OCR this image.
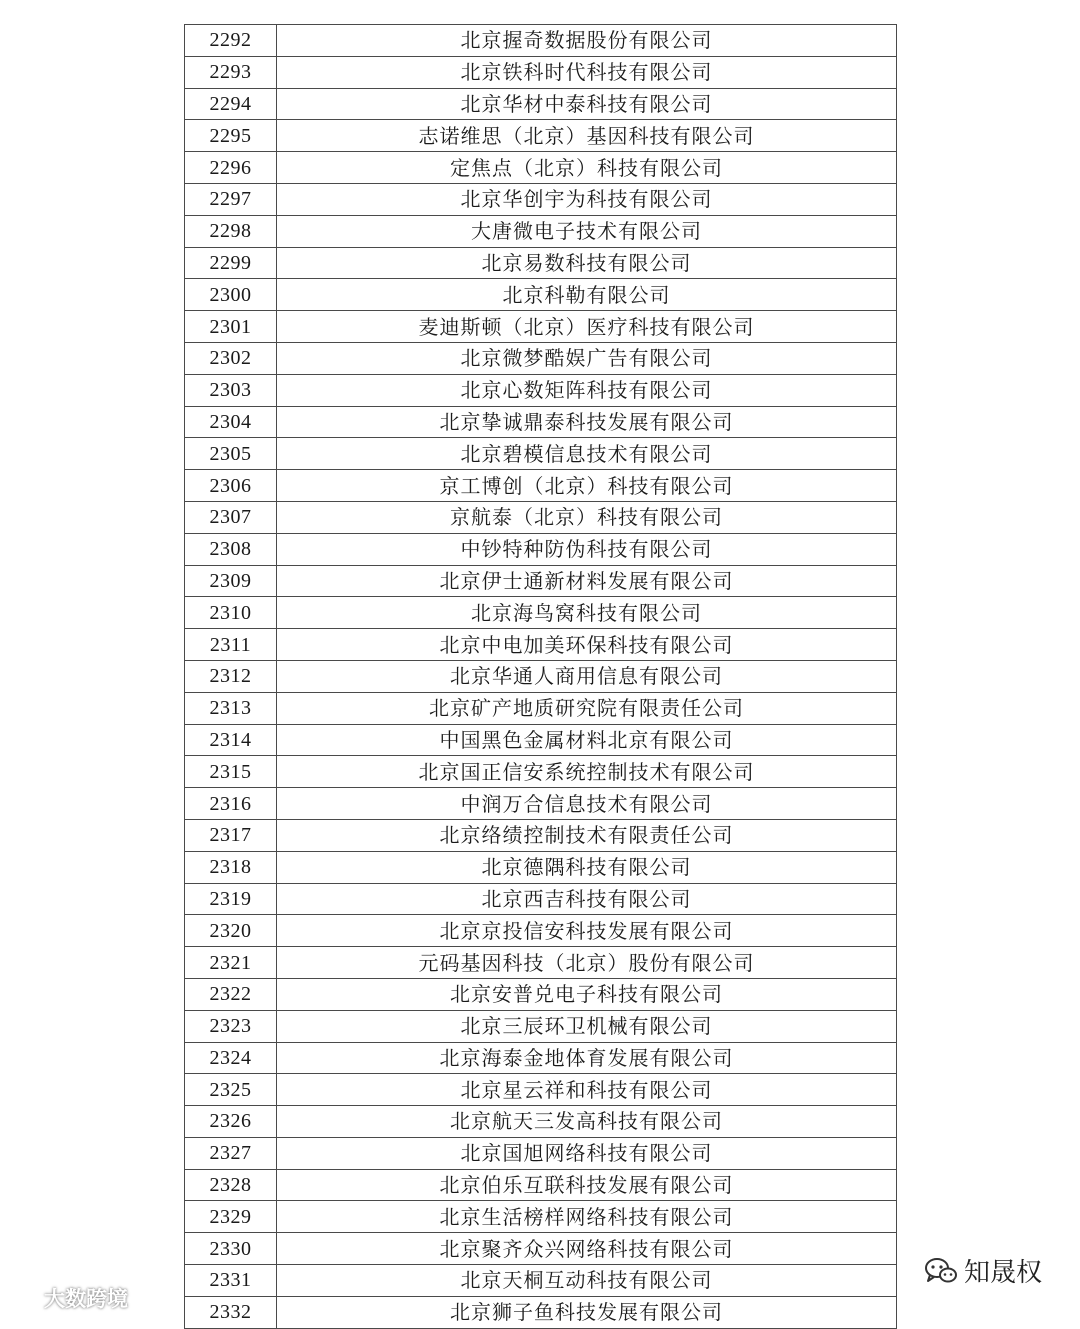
2292	北京握奇数据股份有限公司
2293	北京铁科时代科技有限公司
2294	北京华材中泰科技有限公司
2295	志诺维思（北京）基因科技有限公司
2296	定焦点（北京）科技有限公司
2297	北京华创宇为科技有限公司
2298	大唐微电子技术有限公司
2299	北京易数科技有限公司
2300	北京科勒有限公司
2301	麦迪斯顿（北京）医疗科技有限公司
2302	北京微梦酷娱广告有限公司
2303	北京心数矩阵科技有限公司
2304	北京挚诚鼎泰科技发展有限公司
2305	北京碧模信息技术有限公司
2306	京工博创（北京）科技有限公司
2307	京航泰（北京）科技有限公司
2308	中钞特种防伪科技有限公司
2309	北京伊士通新材料发展有限公司
2310	北京海鸟窝科技有限公司
2311	北京中电加美环保科技有限公司
2312	北京华通人商用信息有限公司
2313	北京矿产地质研究院有限责任公司
2314	中国黑色金属材料北京有限公司
2315	北京国正信安系统控制技术有限公司
2316	中润万合信息技术有限公司
2317	北京络绩控制技术有限责任公司
2318	北京德隅科技有限公司
2319	北京西吉科技有限公司
2320	北京京投信安科技发展有限公司
2321	元码基因科技（北京）股份有限公司
2322	北京安普兑电子科技有限公司
2323	北京三辰环卫机械有限公司
2324	北京海泰金地体育发展有限公司
2325	北京星云祥和科技有限公司
2326	北京航天三发高科技有限公司
2327	北京国旭网络科技有限公司
2328	北京伯乐互联科技发展有限公司
2329	北京生活榜样网络科技有限公司
2330	北京聚齐众兴网络科技有限公司
2331	北京天桐互动科技有限公司
2332	北京狮子鱼科技发展有限公司
大数跨境
知晟权
